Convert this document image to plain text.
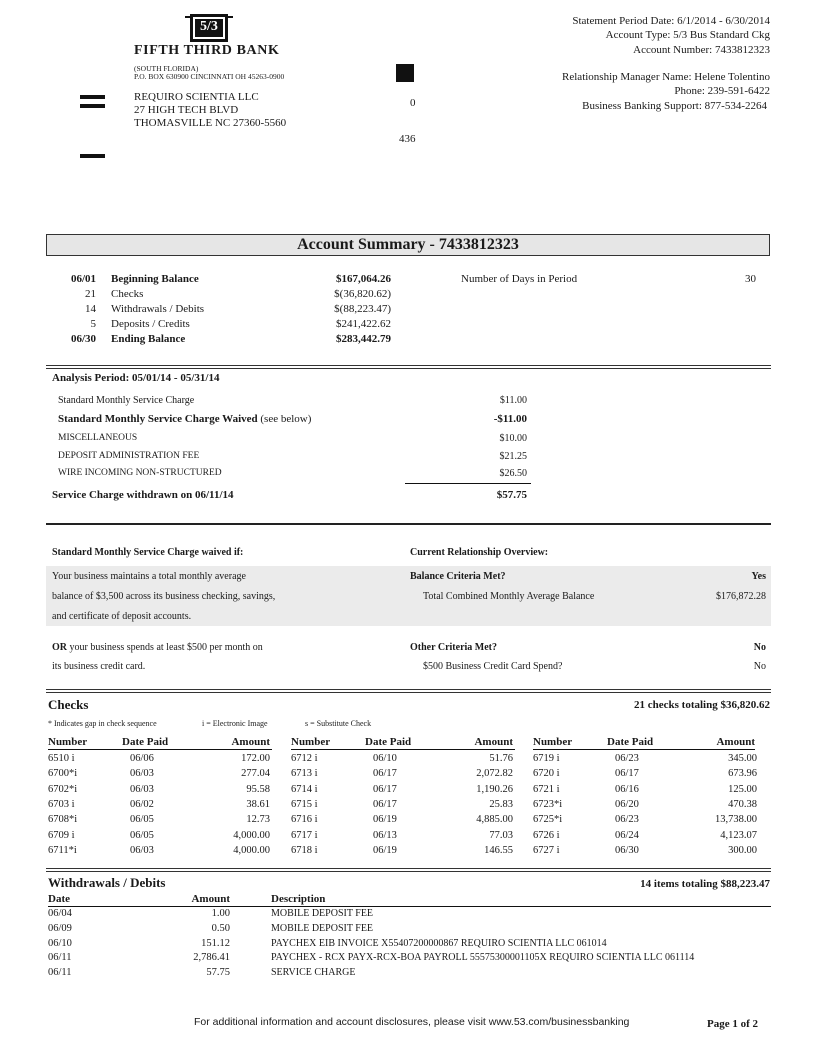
5/3
FIFTH THIRD BANK
(SOUTH FLORIDA)
P.O. BOX 630900 CINCINNATI OH 45263-0900
REQUIRO SCIENTIA LLC
27 HIGH TECH BLVD
THOMASVILLE NC 27360-5560
0
436
Statement Period Date: 6/1/2014 - 6/30/2014
Account Type: 5/3 Bus Standard Ckg
Account Number: 7433812323
Relationship Manager Name: Helene Tolentino
Phone: 239-591-6422
Business Banking Support: 877-534-2264
Account Summary - 7433812323
06/01 Beginning Balance	$167,064.26
21 Checks	$(36,820.62)
14 Withdrawals / Debits	$(88,223.47)
5 Deposits / Credits	$241,422.62
06/30 Ending Balance	$283,442.79
Number of Days in Period	30
Analysis Period: 05/01/14 - 05/31/14
Standard Monthly Service Charge	$11.00
Standard Monthly Service Charge Waived (see below)	-$11.00
MISCELLANEOUS	$10.00
DEPOSIT ADMINISTRATION FEE	$21.25
WIRE INCOMING NON-STRUCTURED	$26.50
Service Charge withdrawn on 06/11/14	$57.75
Standard Monthly Service Charge waived if:	Current Relationship Overview:
Your business maintains a total monthly average
balance of $3,500 across its business checking, savings,
and certificate of deposit accounts.
Balance Criteria Met?	Yes
Total Combined Monthly Average Balance	$176,872.28
OR your business spends at least $500 per month on
its business credit card.
Other Criteria Met?	No
$500 Business Credit Card Spend?	No
Checks	21 checks totaling $36,820.62
* Indicates gap in check sequence	i = Electronic Image	s = Substitute Check
Number	Date Paid	Amount
6510 i	06/06	172.00
6700*i	06/03	277.04
6702*i	06/03	95.58
6703 i	06/02	38.61
6708*i	06/05	12.73
6709 i	06/05	4,000.00
6711*i	06/03	4,000.00
Number	Date Paid	Amount
6712 i	06/10	51.76
6713 i	06/17	2,072.82
6714 i	06/17	1,190.26
6715 i	06/17	25.83
6716 i	06/19	4,885.00
6717 i	06/13	77.03
6718 i	06/19	146.55
Number	Date Paid	Amount
6719 i	06/23	345.00
6720 i	06/17	673.96
6721 i	06/16	125.00
6723*i	06/20	470.38
6725*i	06/23	13,738.00
6726 i	06/24	4,123.07
6727 i	06/30	300.00
Withdrawals / Debits	14 items totaling $88,223.47
Date	Amount	Description
06/04	1.00	MOBILE DEPOSIT FEE
06/09	0.50	MOBILE DEPOSIT FEE
06/10	151.12	PAYCHEX EIB INVOICE X55407200000867 REQUIRO SCIENTIA LLC 061014
06/11	2,786.41	PAYCHEX - RCX PAYX-RCX-BOA PAYROLL 55575300001105X REQUIRO SCIENTIA LLC 061114
06/11	57.75	SERVICE CHARGE
For additional information and account disclosures, please visit www.53.com/businessbanking	Page 1 of 2
